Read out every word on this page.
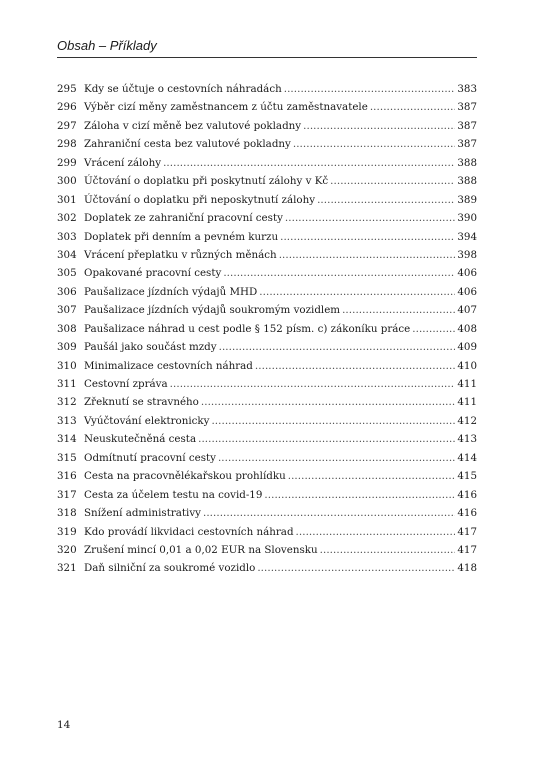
Obsah – Příklady
295 Kdy se účtuje o cestovních náhradách . . .	383
296 Výběr cizí měny zaměstnancem z účtu zaměstnavatele . . .	387
297 Záloha v cizí měně bez valutové pokladny . . .	387
298 Zahraniční cesta bez valutové pokladny . . .	387
299 Vrácení zálohy . . .	388
300 Účtování o doplatku při poskytnutí zálohy v Kč . . .	388
301 Účtování o doplatku při neposkytnutí zálohy . . .	389
302 Doplatek ze zahraniční pracovní cesty . . .	390
303 Doplatek při denním a pevném kurzu . . .	394
304 Vrácení přeplatku v různých měnách . . .	398
305 Opakované pracovní cesty . . .	406
306 Paušalizace jízdních výdajů MHD . . .	406
307 Paušalizace jízdních výdajů soukromým vozidlem . . .	407
308 Paušalizace náhrad u cest podle § 152 písm. c) zákoníku práce . . .	408
309 Paušál jako součást mzdy . . .	409
310 Minimalizace cestovních náhrad . . .	410
311 Cestovní zpráva . . .	411
312 Zřeknutí se stravného . . .	411
313 Vyúčtování elektronicky . . .	412
314 Neuskutečněná cesta . . .	413
315 Odmítnutí pracovní cesty . . .	414
316 Cesta na pracovnělékařskou prohlídku . . .	415
317 Cesta za účelem testu na covid-19 . . .	416
318 Snížení administrativy . . .	416
319 Kdo provádí likvidaci cestovních náhrad . . .	417
320 Zrušení mincí 0,01 a 0,02 EUR na Slovensku . . .	417
321 Daň silniční za soukromé vozidlo . . .	418
14
